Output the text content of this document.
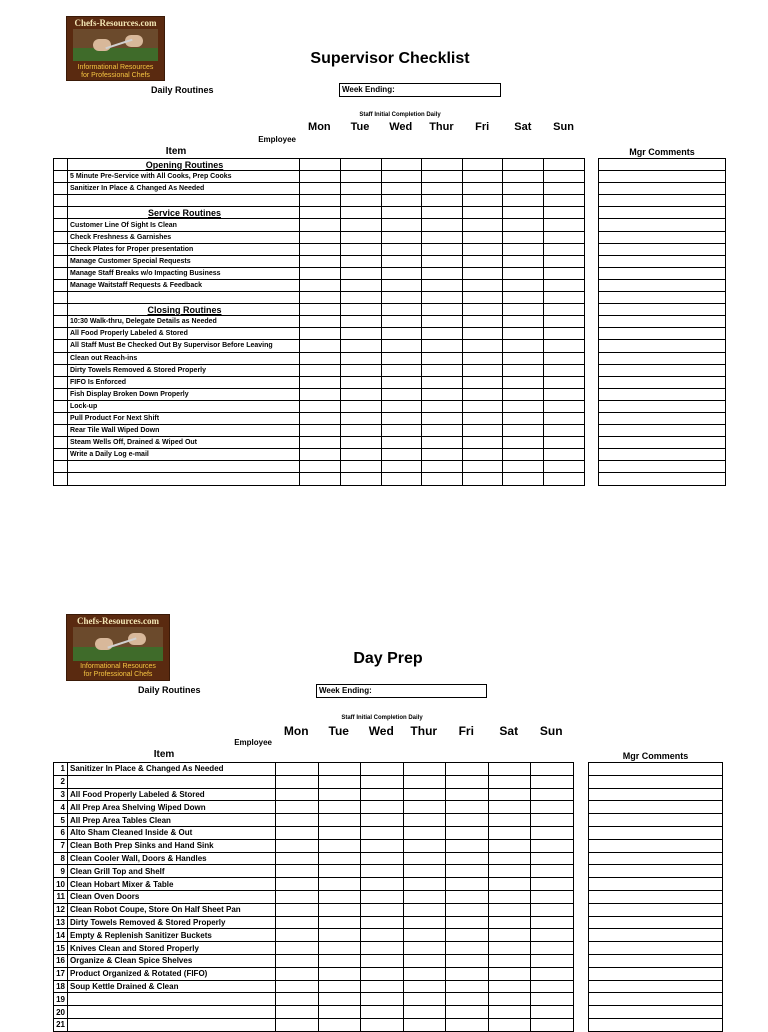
Chefs-Resources.com
Informational Resources
for Professional Chefs
Supervisor Checklist
Daily Routines	Week Ending:
Staff Initial Completion Daily
Mon	Tue	Wed	Thur	Fri	Sat	Sun
Employee
Item	Mgr Comments
	Opening Routines							
	5 Minute Pre-Service with All Cooks, Prep Cooks							
	Sanitizer In Place & Changed As Needed							

	Service Routines							
	Customer Line Of Sight Is Clean							
	Check Freshness & Garnishes							
	Check Plates for Proper presentation							
	Manage Customer Special Requests							
	Manage Staff Breaks w/o Impacting Business							
	Manage Waitstaff Requests & Feedback							

	Closing Routines							
	10:30 Walk-thru, Delegate Details as Needed							
	All Food Properly Labeled & Stored							
	All Staff Must Be Checked Out By Supervisor Before Leaving							
	Clean out Reach-ins							
	Dirty Towels Removed & Stored Properly							
	FIFO Is Enforced							
	Fish Display Broken Down Properly							
	Lock-up							
	Pull Product For Next Shift							
	Rear Tile Wall Wiped Down							
	Steam Wells Off, Drained & Wiped Out							
	Write a Daily Log e-mail							

Chefs-Resources.com
Informational Resources
for Professional Chefs
Day Prep
Daily Routines	Week Ending:
Staff Initial Completion Daily
Mon	Tue	Wed	Thur	Fri	Sat	Sun
Employee
Item	Mgr Comments
1	Sanitizer In Place & Changed As Needed							
2								
3	All Food Properly Labeled & Stored							
4	All Prep Area Shelving Wiped Down							
5	All Prep Area Tables Clean							
6	Alto Sham Cleaned Inside & Out							
7	Clean Both Prep Sinks and Hand Sink							
8	Clean Cooler Wall, Doors & Handles							
9	Clean Grill Top and Shelf							
10	Clean Hobart Mixer & Table							
11	Clean Oven Doors							
12	Clean Robot Coupe, Store On Half Sheet Pan							
13	Dirty Towels Removed & Stored Properly							
14	Empty & Replenish Sanitizer Buckets							
15	Knives Clean and Stored Properly							
16	Organize & Clean Spice Shelves							
17	Product Organized & Rotated (FIFO)							
18	Soup Kettle Drained & Clean							
19								
20								
21								
